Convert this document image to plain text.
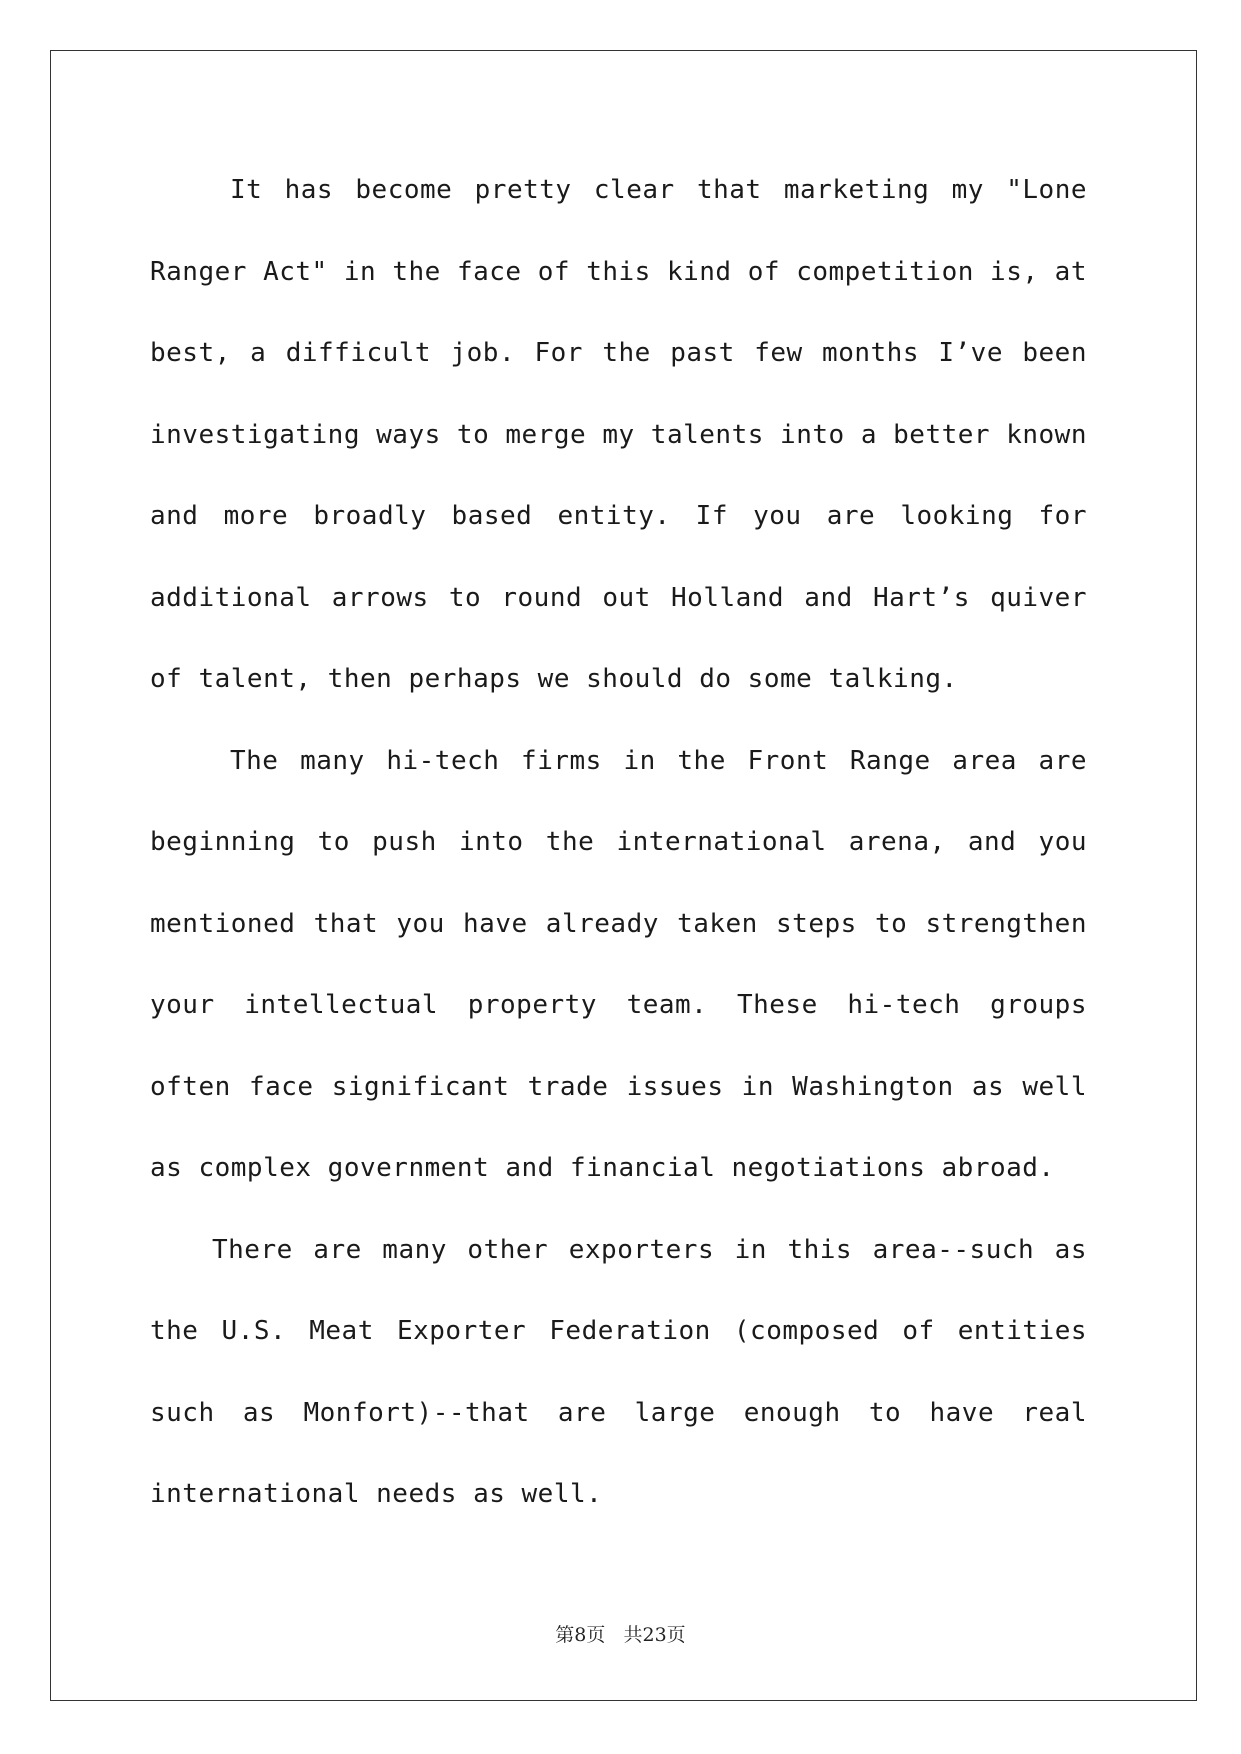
It has become pretty clear that marketing my "Lone Ranger Act" in the face of this kind of competition is, at best, a difficult job. For the past few months I’ve been investigating ways to merge my talents into a better known and more broadly based entity. If you are looking for additional arrows to round out Holland and Hart’s quiver of talent, then perhaps we should do some talking.

The many hi-tech firms in the Front Range area are beginning to push into the international arena, and you mentioned that you have already taken steps to strengthen your intellectual property team. These hi-tech groups often face significant trade issues in Washington as well as complex government and financial negotiations abroad.

There are many other exporters in this area--such as the U.S. Meat Exporter Federation (composed of entities such as Monfort)--that are large enough to have real international needs as well.

第8页   共23页
